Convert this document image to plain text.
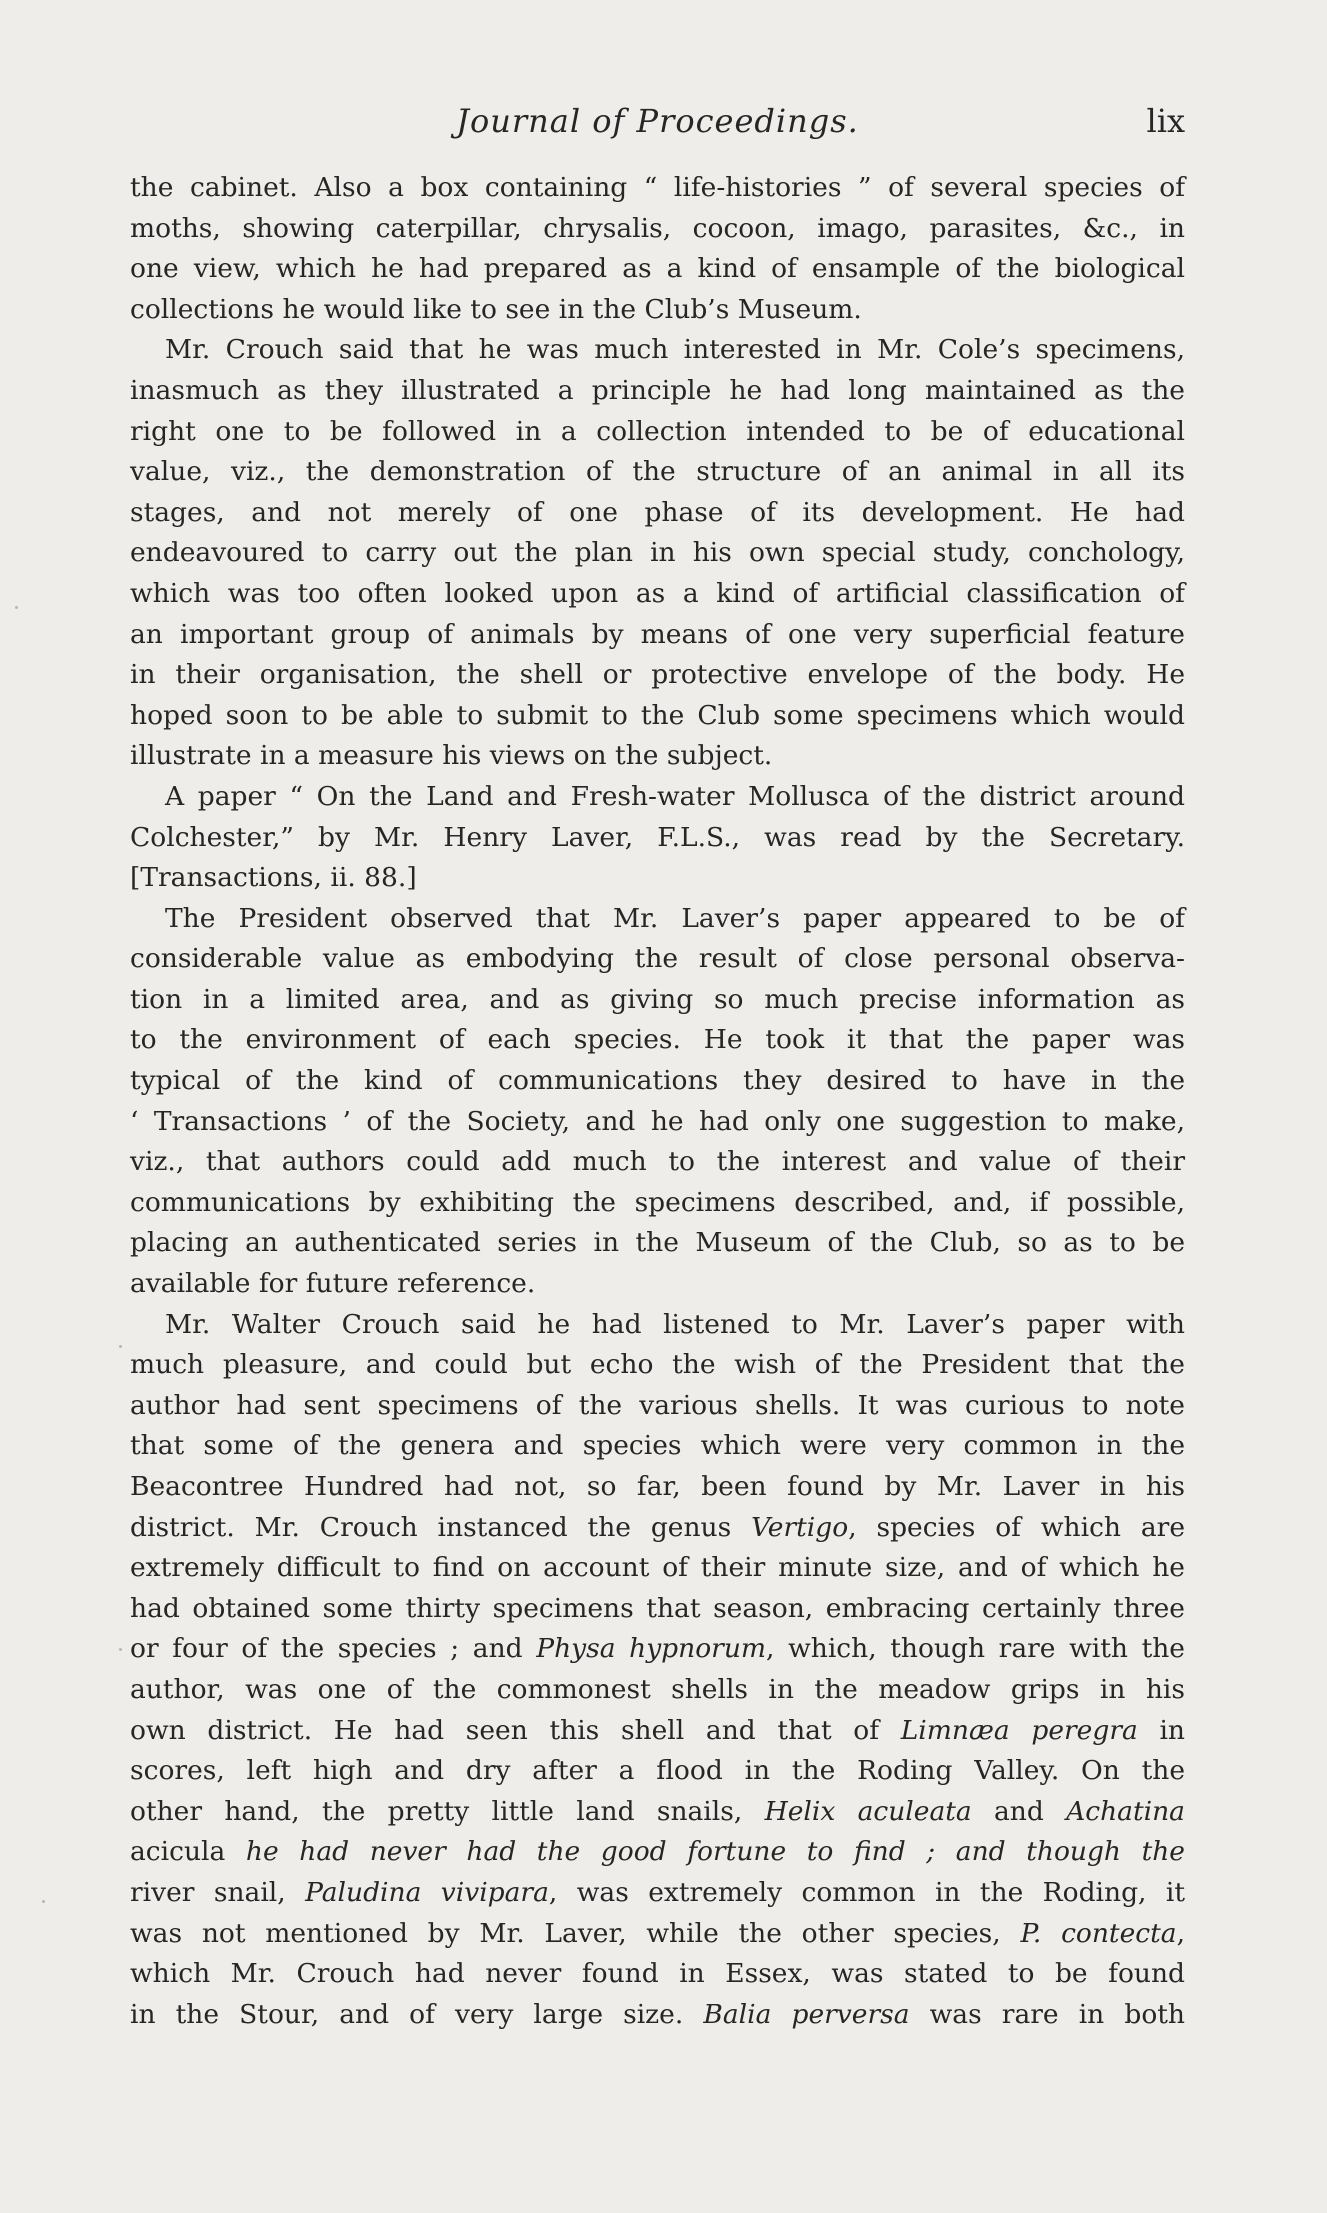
Journal of Proceedings.	lix
the cabinet. Also a box containing “ life-histories ” of several species of
moths, showing caterpillar, chrysalis, cocoon, imago, parasites, &c., in
one view, which he had prepared as a kind of ensample of the biological
collections he would like to see in the Club’s Museum.
Mr. Crouch said that he was much interested in Mr. Cole’s specimens,
inasmuch as they illustrated a principle he had long maintained as the
right one to be followed in a collection intended to be of educational
value, viz., the demonstration of the structure of an animal in all its
stages, and not merely of one phase of its development. He had
endeavoured to carry out the plan in his own special study, conchology,
which was too often looked upon as a kind of artificial classification of
an important group of animals by means of one very superficial feature
in their organisation, the shell or protective envelope of the body. He
hoped soon to be able to submit to the Club some specimens which would
illustrate in a measure his views on the subject.
A paper “ On the Land and Fresh-water Mollusca of the district around
Colchester,” by Mr. Henry Laver, F.L.S., was read by the Secretary.
[Transactions, ii. 88.]
The President observed that Mr. Laver’s paper appeared to be of
considerable value as embodying the result of close personal observa-
tion in a limited area, and as giving so much precise information as
to the environment of each species. He took it that the paper was
typical of the kind of communications they desired to have in the
‘ Transactions ’ of the Society, and he had only one suggestion to make,
viz., that authors could add much to the interest and value of their
communications by exhibiting the specimens described, and, if possible,
placing an authenticated series in the Museum of the Club, so as to be
available for future reference.
Mr. Walter Crouch said he had listened to Mr. Laver’s paper with
much pleasure, and could but echo the wish of the President that the
author had sent specimens of the various shells. It was curious to note
that some of the genera and species which were very common in the
Beacontree Hundred had not, so far, been found by Mr. Laver in his
district. Mr. Crouch instanced the genus Vertigo, species of which are
extremely difficult to find on account of their minute size, and of which he
had obtained some thirty specimens that season, embracing certainly three
or four of the species ; and Physa hypnorum, which, though rare with the
author, was one of the commonest shells in the meadow grips in his
own district. He had seen this shell and that of Limnæa peregra in
scores, left high and dry after a flood in the Roding Valley. On the
other hand, the pretty little land snails, Helix aculeata and Achatina
acicula he had never had the good fortune to find ; and though the
river snail, Paludina vivipara, was extremely common in the Roding, it
was not mentioned by Mr. Laver, while the other species, P. contecta,
which Mr. Crouch had never found in Essex, was stated to be found
in the Stour, and of very large size. Balia perversa was rare in both
